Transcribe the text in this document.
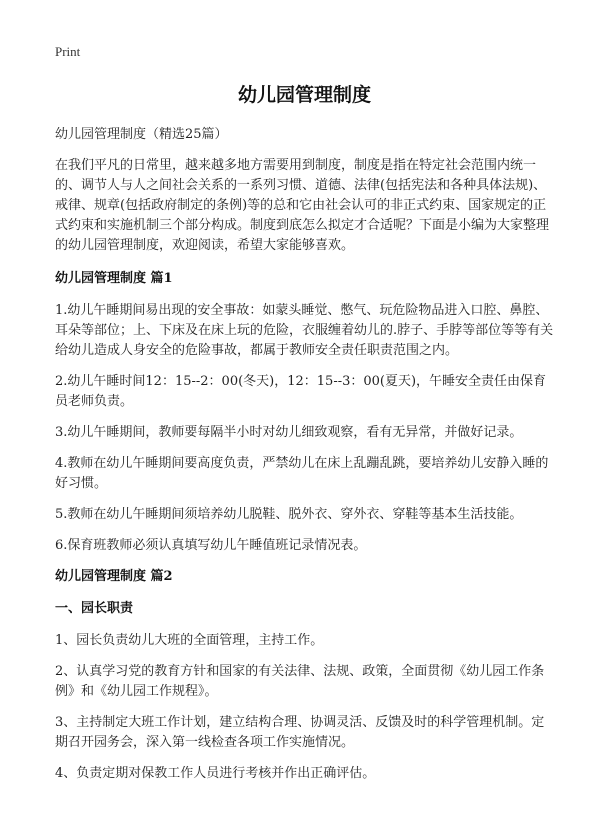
Print
幼儿园管理制度
幼儿园管理制度（精选25篇）

在我们平凡的日常里，越来越多地方需要用到制度，制度是指在特定社会范围内统一的、调节人与人之间社会关系的一系列习惯、道德、法律(包括宪法和各种具体法规)、戒律、规章(包括政府制定的条例)等的总和它由社会认可的非正式约束、国家规定的正式约束和实施机制三个部分构成。制度到底怎么拟定才合适呢？下面是小编为大家整理的幼儿园管理制度，欢迎阅读，希望大家能够喜欢。

幼儿园管理制度 篇1

1.幼儿午睡期间易出现的安全事故：如蒙头睡觉、憋气、玩危险物品进入口腔、鼻腔、耳朵等部位；上、下床及在床上玩的危险，衣服缠着幼儿的.脖子、手脖等部位等等有关给幼儿造成人身安全的危险事故，都属于教师安全责任职责范围之内。

2.幼儿午睡时间12：15--2：00(冬天)，12：15--3：00(夏天)，午睡安全责任由保育员老师负责。

3.幼儿午睡期间，教师要每隔半小时对幼儿细致观察，看有无异常，并做好记录。

4.教师在幼儿午睡期间要高度负责，严禁幼儿在床上乱蹦乱跳，要培养幼儿安静入睡的好习惯。

5.教师在幼儿午睡期间须培养幼儿脱鞋、脱外衣、穿外衣、穿鞋等基本生活技能。

6.保育班教师必须认真填写幼儿午睡值班记录情况表。

幼儿园管理制度 篇2
一、园长职责

1、园长负责幼儿大班的全面管理，主持工作。

2、认真学习党的教育方针和国家的有关法律、法规、政策，全面贯彻《幼儿园工作条例》和《幼儿园工作规程》。

3、主持制定大班工作计划，建立结构合理、协调灵活、反馈及时的科学管理机制。定期召开园务会，深入第一线检查各项工作实施情况。

4、负责定期对保教工作人员进行考核并作出正确评估。
